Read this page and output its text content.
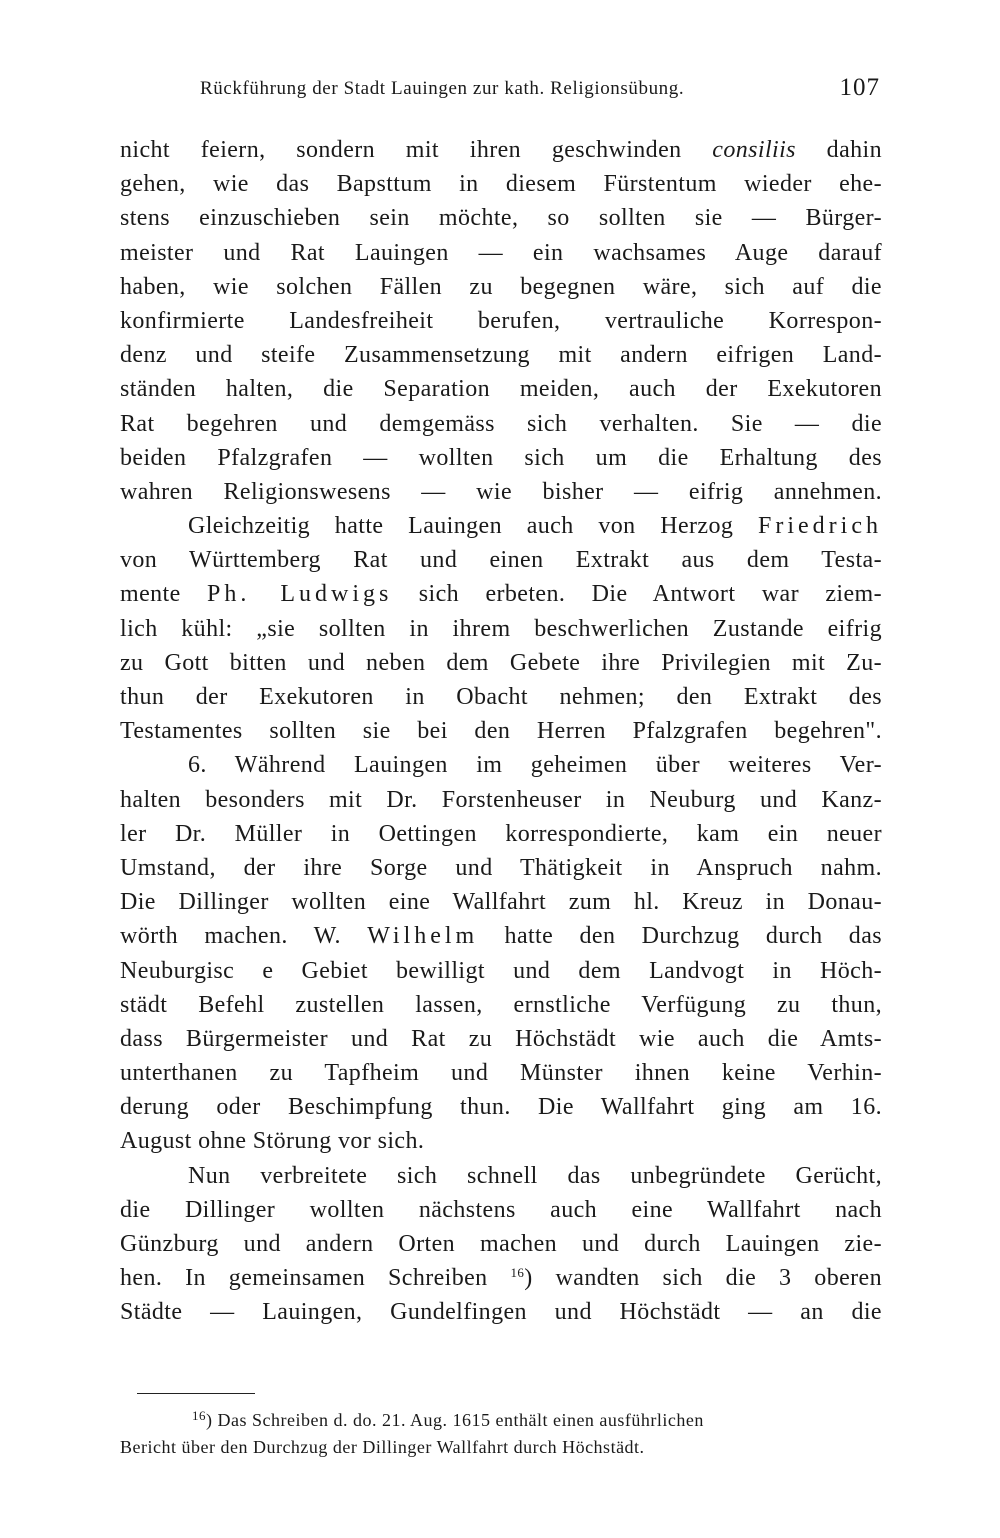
Rückführung der Stadt Lauingen zur kath. Religionsübung.	107
nicht feiern, sondern mit ihren geschwinden consiliis dahin
gehen, wie das Bapsttum in diesem Fürstentum wieder ehe-
stens einzuschieben sein möchte, so sollten sie — Bürger-
meister und Rat Lauingen — ein wachsames Auge darauf
haben, wie solchen Fällen zu begegnen wäre, sich auf die
konfirmierte Landesfreiheit berufen, vertrauliche Korrespon-
denz und steife Zusammensetzung mit andern eifrigen Land-
ständen halten, die Separation meiden, auch der Exekutoren
Rat begehren und demgemäss sich verhalten. Sie — die
beiden Pfalzgrafen — wollten sich um die Erhaltung des
wahren Religionswesens — wie bisher — eifrig annehmen.
Gleichzeitig hatte Lauingen auch von Herzog Friedrich
von Württemberg Rat und einen Extrakt aus dem Testa-
mente Ph. Ludwigs sich erbeten. Die Antwort war ziem-
lich kühl: „sie sollten in ihrem beschwerlichen Zustande eifrig
zu Gott bitten und neben dem Gebete ihre Privilegien mit Zu-
thun der Exekutoren in Obacht nehmen; den Extrakt des
Testamentes sollten sie bei den Herren Pfalzgrafen begehren".
6. Während Lauingen im geheimen über weiteres Ver-
halten besonders mit Dr. Forstenheuser in Neuburg und Kanz-
ler Dr. Müller in Oettingen korrespondierte, kam ein neuer
Umstand, der ihre Sorge und Thätigkeit in Anspruch nahm.
Die Dillinger wollten eine Wallfahrt zum hl. Kreuz in Donau-
wörth machen. W. Wilhelm hatte den Durchzug durch das
Neuburgisc e Gebiet bewilligt und dem Landvogt in Höch-
städt Befehl zustellen lassen, ernstliche Verfügung zu thun,
dass Bürgermeister und Rat zu Höchstädt wie auch die Amts-
unterthanen zu Tapfheim und Münster ihnen keine Verhin-
derung oder Beschimpfung thun. Die Wallfahrt ging am 16.
August ohne Störung vor sich.
Nun verbreitete sich schnell das unbegründete Gerücht,
die Dillinger wollten nächstens auch eine Wallfahrt nach
Günzburg und andern Orten machen und durch Lauingen zie-
hen. In gemeinsamen Schreiben $^{16}$) wandten sich die 3 oberen
Städte — Lauingen, Gundelfingen und Höchstädt — an die
$^{16}$) Das Schreiben d. do. 21. Aug. 1615 enthält einen ausführlichen
Bericht über den Durchzug der Dillinger Wallfahrt durch Höchstädt.
